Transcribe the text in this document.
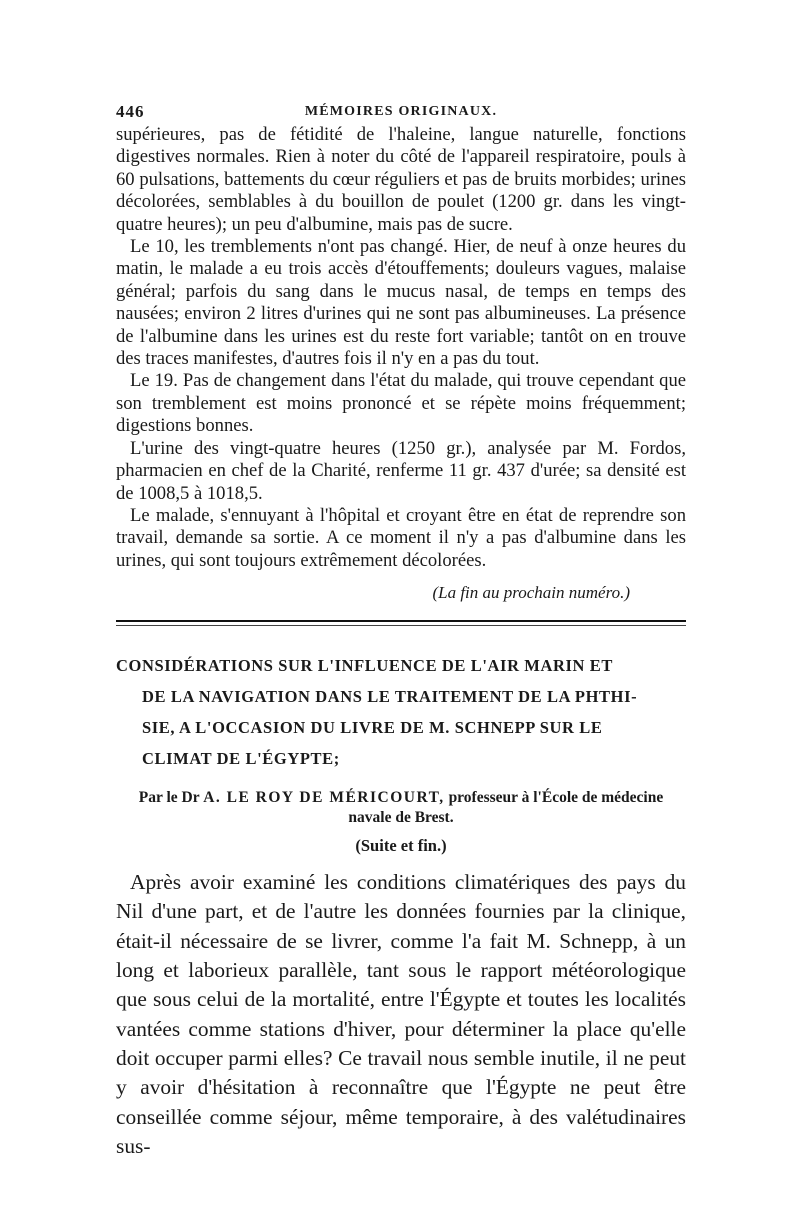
446	MÉMOIRES ORIGINAUX.

supérieures, pas de fétidité de l'haleine, langue naturelle, fonctions digestives normales. Rien à noter du côté de l'appareil respiratoire, pouls à 60 pulsations, battements du cœur réguliers et pas de bruits morbides; urines décolorées, semblables à du bouillon de poulet (1200 gr. dans les vingt-quatre heures); un peu d'albumine, mais pas de sucre.

Le 10, les tremblements n'ont pas changé. Hier, de neuf à onze heures du matin, le malade a eu trois accès d'étouffements; douleurs vagues, malaise général; parfois du sang dans le mucus nasal, de temps en temps des nausées; environ 2 litres d'urines qui ne sont pas albumineuses. La présence de l'albumine dans les urines est du reste fort variable; tantôt on en trouve des traces manifestes, d'autres fois il n'y en a pas du tout.

Le 19. Pas de changement dans l'état du malade, qui trouve cependant que son tremblement est moins prononcé et se répète moins fréquemment; digestions bonnes.

L'urine des vingt-quatre heures (1250 gr.), analysée par M. Fordos, pharmacien en chef de la Charité, renferme 11 gr. 437 d'urée; sa densité est de 1008,5 à 1018,5.

Le malade, s'ennuyant à l'hôpital et croyant être en état de reprendre son travail, demande sa sortie. A ce moment il n'y a pas d'albumine dans les urines, qui sont toujours extrêmement décolorées.

(La fin au prochain numéro.)
CONSIDÉRATIONS SUR L'INFLUENCE DE L'AIR MARIN ET
DE LA NAVIGATION DANS LE TRAITEMENT DE LA PHTHI-
SIE, A L'OCCASION DU LIVRE DE M. SCHNEPP SUR LE
CLIMAT DE L'ÉGYPTE;
Par le Dr A. LE ROY DE MÉRICOURT, professeur à l'École de médecine
navale de Brest.
(Suite et fin.)

Après avoir examiné les conditions climatériques des pays du Nil d'une part, et de l'autre les données fournies par la clinique, était-il nécessaire de se livrer, comme l'a fait M. Schnepp, à un long et laborieux parallèle, tant sous le rapport météorologique que sous celui de la mortalité, entre l'Égypte et toutes les localités vantées comme stations d'hiver, pour déterminer la place qu'elle doit occuper parmi elles? Ce travail nous semble inutile, il ne peut y avoir d'hésitation à reconnaître que l'Égypte ne peut être conseillée comme séjour, même temporaire, à des valétudinaires sus-
